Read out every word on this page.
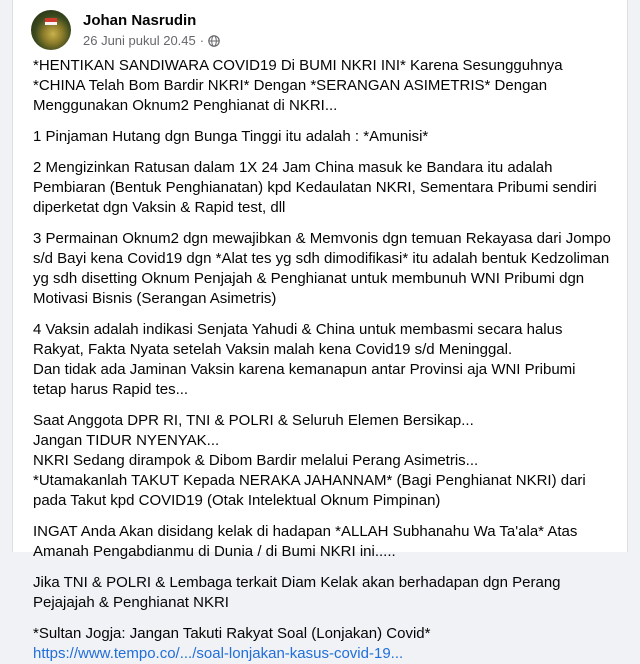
Johan Nasrudin
26 Juni pukul 20.45 ·

*HENTIKAN SANDIWARA COVID19 Di BUMI NKRI INI* Karena Sesungguhnya *CHINA Telah Bom Bardir NKRI* Dengan *SERANGAN ASIMETRIS* Dengan Menggunakan Oknum2 Penghianat di NKRI...

1 Pinjaman Hutang dgn Bunga Tinggi itu adalah : *Amunisi*

2 Mengizinkan Ratusan dalam 1X 24 Jam China masuk ke Bandara itu adalah Pembiaran (Bentuk Penghianatan) kpd Kedaulatan NKRI, Sementara Pribumi sendiri diperketat dgn Vaksin & Rapid test, dll

3 Permainan Oknum2 dgn mewajibkan & Memvonis dgn temuan Rekayasa dari Jompo s/d Bayi kena Covid19 dgn *Alat tes yg sdh dimodifikasi* itu adalah bentuk Kedzoliman yg sdh disetting Oknum Penjajah & Penghianat untuk membunuh WNI Pribumi dgn Motivasi Bisnis (Serangan Asimetris)

4 Vaksin adalah indikasi Senjata Yahudi & China untuk membasmi secara halus Rakyat, Fakta Nyata setelah Vaksin malah kena Covid19 s/d Meninggal.
Dan tidak ada Jaminan Vaksin karena kemanapun antar Provinsi aja WNI Pribumi tetap harus Rapid tes...

Saat Anggota DPR RI, TNI & POLRI & Seluruh Elemen Bersikap...
Jangan TIDUR NYENYAK...
NKRI Sedang dirampok & Dibom Bardir melalui Perang Asimetris...
*Utamakanlah TAKUT Kepada NERAKA JAHANNAM* (Bagi Penghianat NKRI) dari pada Takut kpd COVID19 (Otak Intelektual Oknum Pimpinan)

INGAT Anda Akan disidang kelak di hadapan *ALLAH Subhanahu Wa Ta'ala* Atas Amanah Pengabdianmu di Dunia / di Bumi NKRI ini.....

Jika TNI & POLRI & Lembaga terkait Diam Kelak akan berhadapan dgn Perang Pejajajah & Penghianat NKRI

*Sultan Jogja: Jangan Takuti Rakyat Soal (Lonjakan) Covid*
https://www.tempo.co/.../soal-lonjakan-kasus-covid-19...
